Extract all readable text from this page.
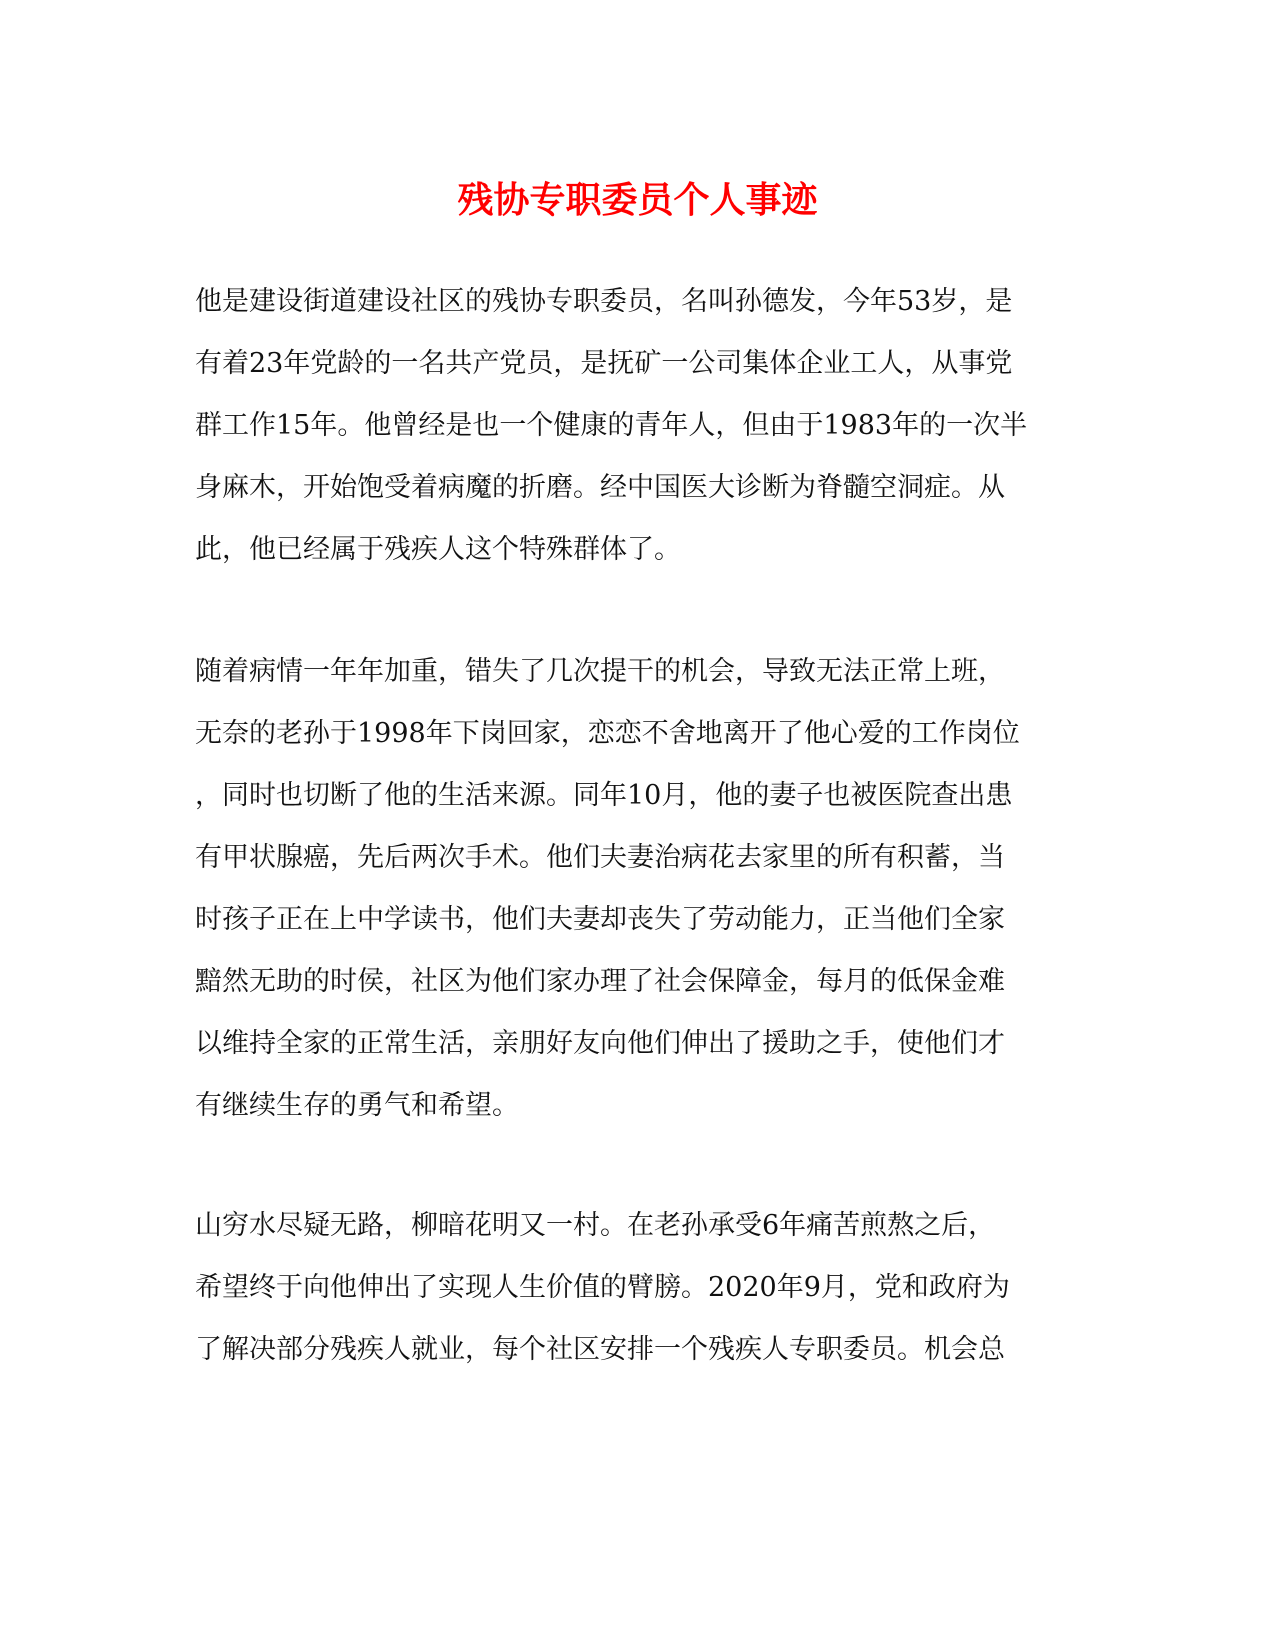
残协专职委员个人事迹
他是建设街道建设社区的残协专职委员，名叫孙德发，今年53岁，是
有着23年党龄的一名共产党员，是抚矿一公司集体企业工人，从事党
群工作15年。他曾经是也一个健康的青年人，但由于1983年的一次半
身麻木，开始饱受着病魔的折磨。经中国医大诊断为脊髓空洞症。从
此，他已经属于残疾人这个特殊群体了。
随着病情一年年加重，错失了几次提干的机会，导致无法正常上班，
无奈的老孙于1998年下岗回家，恋恋不舍地离开了他心爱的工作岗位
，同时也切断了他的生活来源。同年10月，他的妻子也被医院查出患
有甲状腺癌，先后两次手术。他们夫妻治病花去家里的所有积蓄，当
时孩子正在上中学读书，他们夫妻却丧失了劳动能力，正当他们全家
黯然无助的时侯，社区为他们家办理了社会保障金，每月的低保金难
以维持全家的正常生活，亲朋好友向他们伸出了援助之手，使他们才
有继续生存的勇气和希望。
山穷水尽疑无路，柳暗花明又一村。在老孙承受6年痛苦煎熬之后，
希望终于向他伸出了实现人生价值的臂膀。2020年9月，党和政府为
了解决部分残疾人就业，每个社区安排一个残疾人专职委员。机会总
